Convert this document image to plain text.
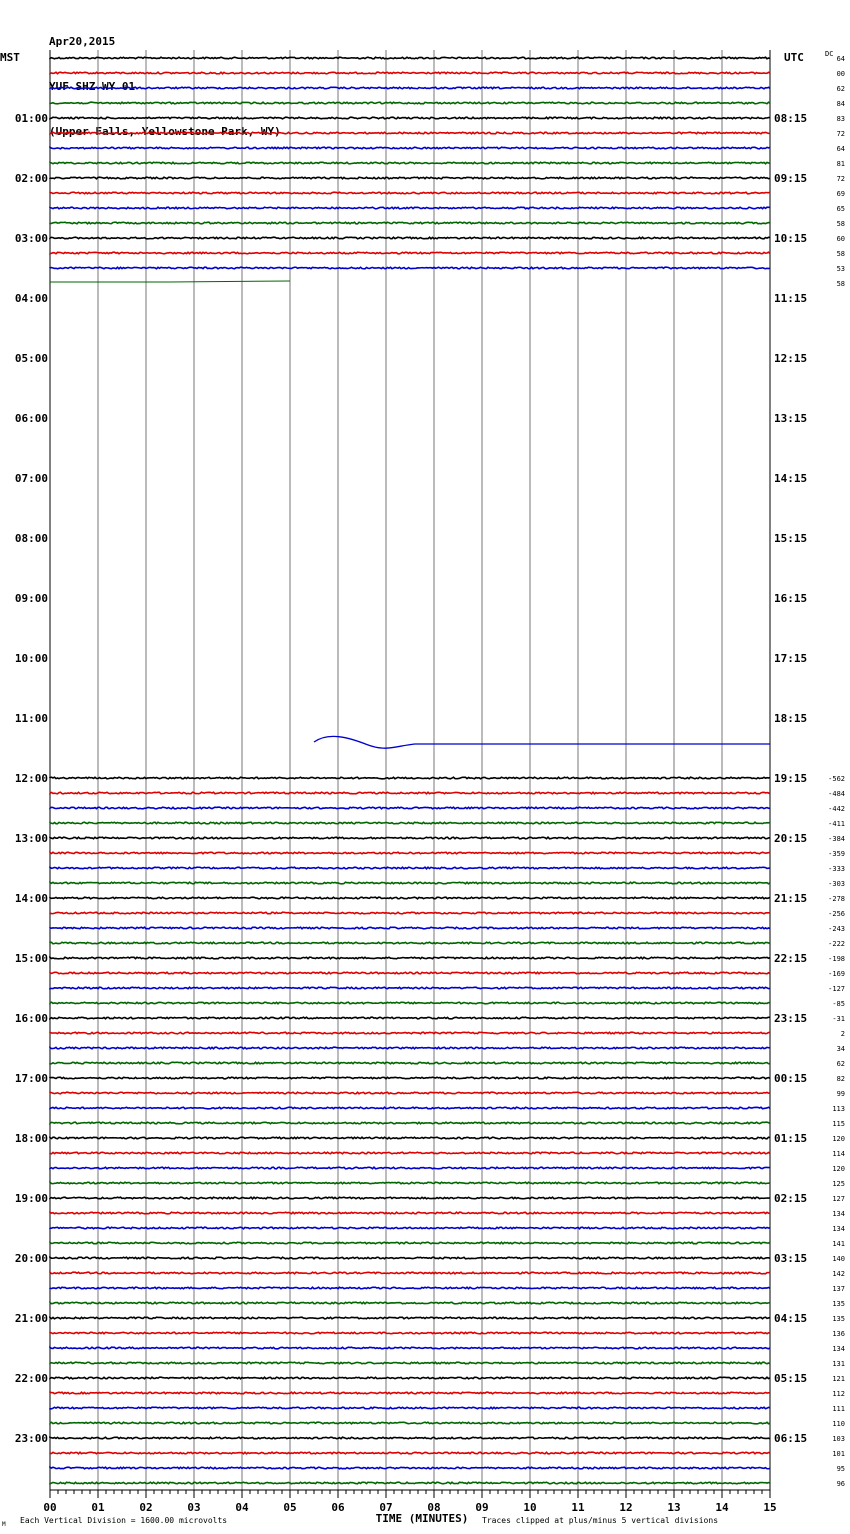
Apr20,2015

YUF SHZ WY 01

(Upper Falls, Yellowstone Park, WY)

MST	UTC	DC
01:00
02:00
03:00
04:00
05:00
06:00
07:00
08:00
09:00
10:00
11:00
12:00
13:00
14:00
15:00
16:00
17:00
18:00
19:00
20:00
21:00
22:00
23:00
08:15
09:15
10:15
11:15
12:15
13:15
14:15
15:15
16:15
17:15
18:15
19:15
20:15
21:15
22:15
23:15
00:15
01:15
02:15
03:15
04:15
05:15
06:15
64
00
62
84
83
72
64
81
72
69
65
58
60
58
53
58
-562
-484
-442
-411
-384
-359
-333
-303
-278
-256
-243
-222
-198
-169
-127
-85
-31
2
34
62
82
99
113
115
120
114
120
125
127
134
134
141
140
142
137
135
135
136
134
131
121
112
111
110
103
101
95
96
00	01	02	03	04	05	06	07	08	09	10	11	12	13	14	15
TIME (MINUTES)
Each Vertical Division = 1600.00 microvolts	Traces clipped at plus/minus 5 vertical divisions
M
